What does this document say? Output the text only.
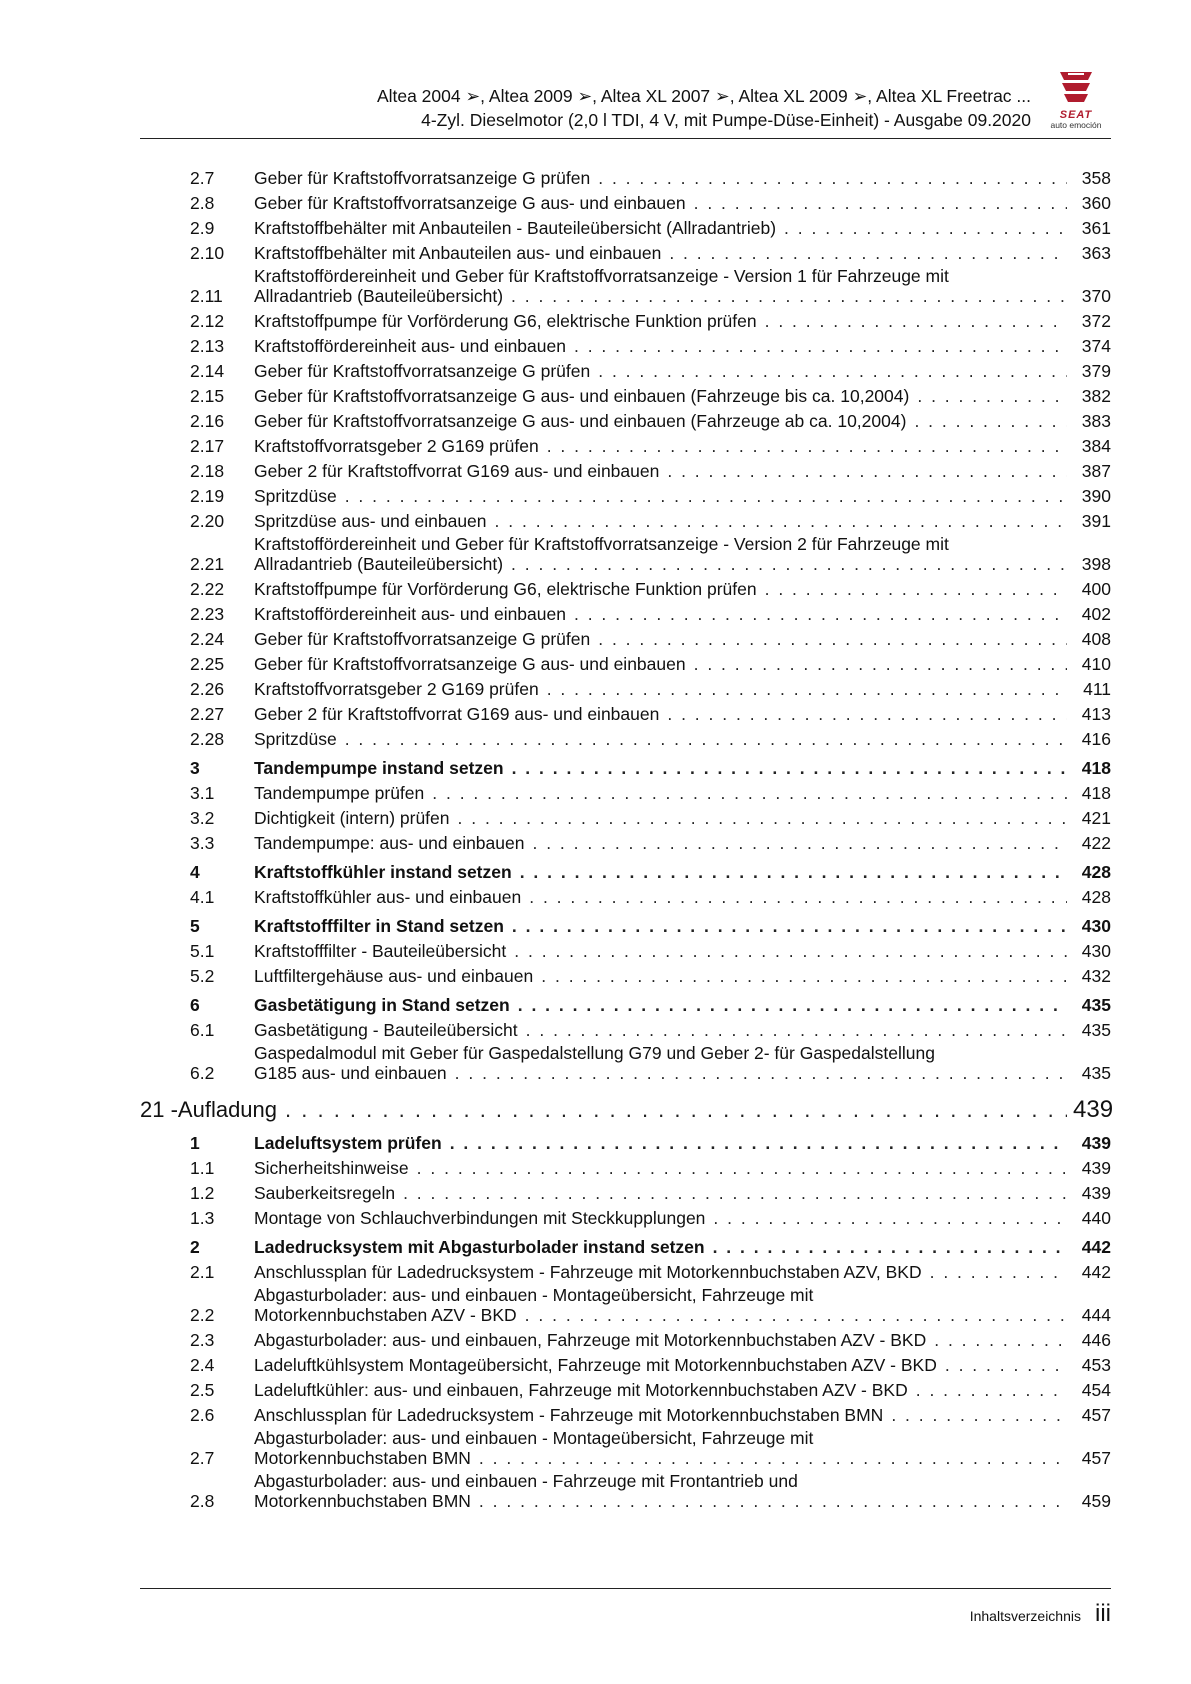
Altea 2004 ➢, Altea 2009 ➢, Altea XL 2007 ➢, Altea XL 2009 ➢, Altea XL Freetrac ...
4-Zyl. Dieselmotor (2,0 l TDI, 4 V, mit Pumpe-Düse-Einheit) - Ausgabe 09.2020	SEAT
auto emoción
2.7	Geber für Kraftstoffvorratsanzeige G prüfen . . .	358
2.8	Geber für Kraftstoffvorratsanzeige G aus- und einbauen . . .	360
2.9	Kraftstoffbehälter mit Anbauteilen - Bauteileübersicht (Allradantrieb) . . .	361
2.10	Kraftstoffbehälter mit Anbauteilen aus- und einbauen . . .	363
2.11
Kraftstoffördereinheit und Geber für Kraftstoffvorratsanzeige - Version 1 für Fahrzeuge mit
Allradantrieb (Bauteileübersicht) . . .	370
2.12	Kraftstoffpumpe für Vorförderung G6, elektrische Funktion prüfen . . .	372
2.13	Kraftstoffördereinheit aus- und einbauen . . .	374
2.14	Geber für Kraftstoffvorratsanzeige G prüfen . . .	379
2.15	Geber für Kraftstoffvorratsanzeige G aus- und einbauen (Fahrzeuge bis ca. 10,2004) . . .	382
2.16	Geber für Kraftstoffvorratsanzeige G aus- und einbauen (Fahrzeuge ab ca. 10,2004) . . .	383
2.17	Kraftstoffvorratsgeber 2 G169 prüfen . . .	384
2.18	Geber 2 für Kraftstoffvorrat G169 aus- und einbauen . . .	387
2.19	Spritzdüse . . .	390
2.20	Spritzdüse aus- und einbauen . . .	391
2.21
Kraftstoffördereinheit und Geber für Kraftstoffvorratsanzeige - Version 2 für Fahrzeuge mit
Allradantrieb (Bauteileübersicht) . . .	398
2.22	Kraftstoffpumpe für Vorförderung G6, elektrische Funktion prüfen . . .	400
2.23	Kraftstoffördereinheit aus- und einbauen . . .	402
2.24	Geber für Kraftstoffvorratsanzeige G prüfen . . .	408
2.25	Geber für Kraftstoffvorratsanzeige G aus- und einbauen . . .	410
2.26	Kraftstoffvorratsgeber 2 G169 prüfen . . .	411
2.27	Geber 2 für Kraftstoffvorrat G169 aus- und einbauen . . .	413
2.28	Spritzdüse . . .	416
3	Tandempumpe instand setzen . . .	418
3.1	Tandempumpe prüfen . . .	418
3.2	Dichtigkeit (intern) prüfen . . .	421
3.3	Tandempumpe: aus- und einbauen . . .	422
4	Kraftstoffkühler instand setzen . . .	428
4.1	Kraftstoffkühler aus- und einbauen . . .	428
5	Kraftstofffilter in Stand setzen . . .	430
5.1	Kraftstofffilter - Bauteileübersicht . . .	430
5.2	Luftfiltergehäuse aus- und einbauen . . .	432
6	Gasbetätigung in Stand setzen . . .	435
6.1	Gasbetätigung - Bauteileübersicht . . .	435
6.2
Gaspedalmodul mit Geber für Gaspedalstellung G79 und Geber 2- für Gaspedalstellung
G185 aus- und einbauen . . .	435
21 - Aufladung . . .	439
1	Ladeluftsystem prüfen . . .	439
1.1	Sicherheitshinweise . . .	439
1.2	Sauberkeitsregeln . . .	439
1.3	Montage von Schlauchverbindungen mit Steckkupplungen . . .	440
2	Ladedrucksystem mit Abgasturbolader instand setzen . . .	442
2.1	Anschlussplan für Ladedrucksystem - Fahrzeuge mit Motorkennbuchstaben AZV, BKD . . .	442
2.2
Abgasturbolader: aus- und einbauen - Montageübersicht, Fahrzeuge mit
Motorkennbuchstaben AZV - BKD . . .	444
2.3	Abgasturbolader: aus- und einbauen, Fahrzeuge mit Motorkennbuchstaben AZV - BKD . . .	446
2.4	Ladeluftkühlsystem Montageübersicht, Fahrzeuge mit Motorkennbuchstaben AZV - BKD . . .	453
2.5	Ladeluftkühler: aus- und einbauen, Fahrzeuge mit Motorkennbuchstaben AZV - BKD . . .	454
2.6	Anschlussplan für Ladedrucksystem - Fahrzeuge mit Motorkennbuchstaben BMN . . .	457
2.7
Abgasturbolader: aus- und einbauen - Montageübersicht, Fahrzeuge mit
Motorkennbuchstaben BMN . . .	457
2.8
Abgasturbolader: aus- und einbauen - Fahrzeuge mit Frontantrieb und
Motorkennbuchstaben BMN . . .	459
Inhaltsverzeichnis iii
